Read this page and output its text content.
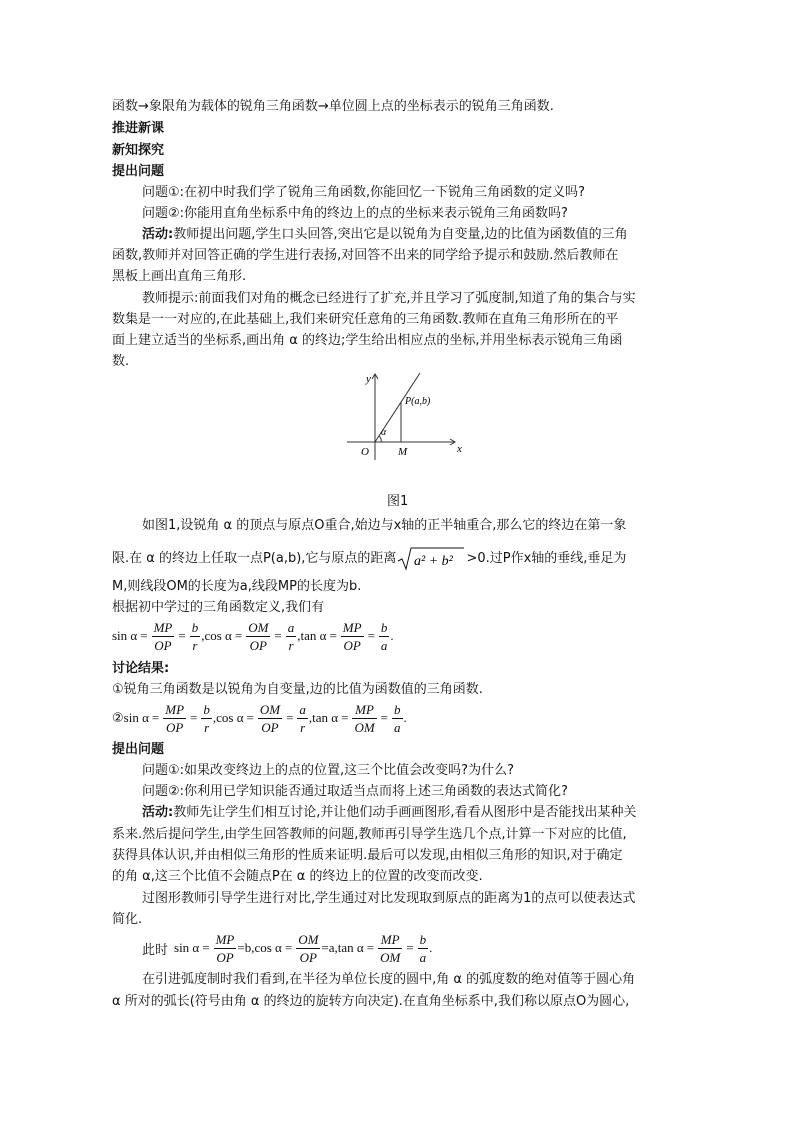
函数→象限角为载体的锐角三角函数→单位圆上点的坐标表示的锐角三角函数.
推进新课
新知探究
提出问题
问题①:在初中时我们学了锐角三角函数,你能回忆一下锐角三角函数的定义吗?
问题②:你能用直角坐标系中角的终边上的点的坐标来表示锐角三角函数吗?
活动:教师提出问题,学生口头回答,突出它是以锐角为自变量,边的比值为函数值的三角
函数,教师并对回答正确的学生进行表扬,对回答不出来的同学给予提示和鼓励.然后教师在
黑板上画出直角三角形.
教师提示:前面我们对角的概念已经进行了扩充,并且学习了弧度制,知道了角的集合与实
数集是一一对应的,在此基础上,我们来研究任意角的三角函数.教师在直角三角形所在的平
面上建立适当的坐标系,画出角 α 的终边;学生给出相应点的坐标,并用坐标表示锐角三角函
数.
y
x
O	M
P(a,b)
α
图1
如图1,设锐角 α 的顶点与原点O重合,始边与x轴的正半轴重合,那么它的终边在第一象
限.在 α 的终边上任取一点P(a,b),它与原点的距离 a² + b² >0.过P作x轴的垂线,垂足为
M,则线段OM的长度为a,线段MP的长度为b.
根据初中学过的三角函数定义,我们有
$\sin \alpha = \frac{MP}{OP} = \frac{b}{r}$ , $\cos \alpha = \frac{OM}{OP} = \frac{a}{r}$ , $\tan \alpha = \frac{MP}{OP} = \frac{b}{a}$ .
讨论结果:
①锐角三角函数是以锐角为自变量,边的比值为函数值的三角函数.
② $\sin \alpha = \frac{MP}{OP} = \frac{b}{r}$ , $\cos \alpha = \frac{OM}{OP} = \frac{a}{r}$ , $\tan \alpha = \frac{MP}{OM} = \frac{b}{a}$ .
提出问题
问题①:如果改变终边上的点的位置,这三个比值会改变吗?为什么?
问题②:你利用已学知识能否通过取适当点而将上述三角函数的表达式简化?
活动:教师先让学生们相互讨论,并让他们动手画画图形,看看从图形中是否能找出某种关
系来.然后提问学生,由学生回答教师的问题,教师再引导学生选几个点,计算一下对应的比值,
获得具体认识,并由相似三角形的性质来证明.最后可以发现,由相似三角形的知识,对于确定
的角 α,这三个比值不会随点P在 α 的终边上的位置的改变而改变.
过图形教师引导学生进行对比,学生通过对比发现取到原点的距离为1的点可以使表达式
简化.
此时 $\sin \alpha = \frac{MP}{OP} =b$ , $\cos \alpha = \frac{OM}{OP} =a$ , $\tan \alpha = \frac{MP}{OM} = \frac{b}{a}$ .
在引进弧度制时我们看到,在半径为单位长度的圆中,角 α 的弧度数的绝对值等于圆心角
α 所对的弧长(符号由角 α 的终边的旋转方向决定).在直角坐标系中,我们称以原点O为圆心,
